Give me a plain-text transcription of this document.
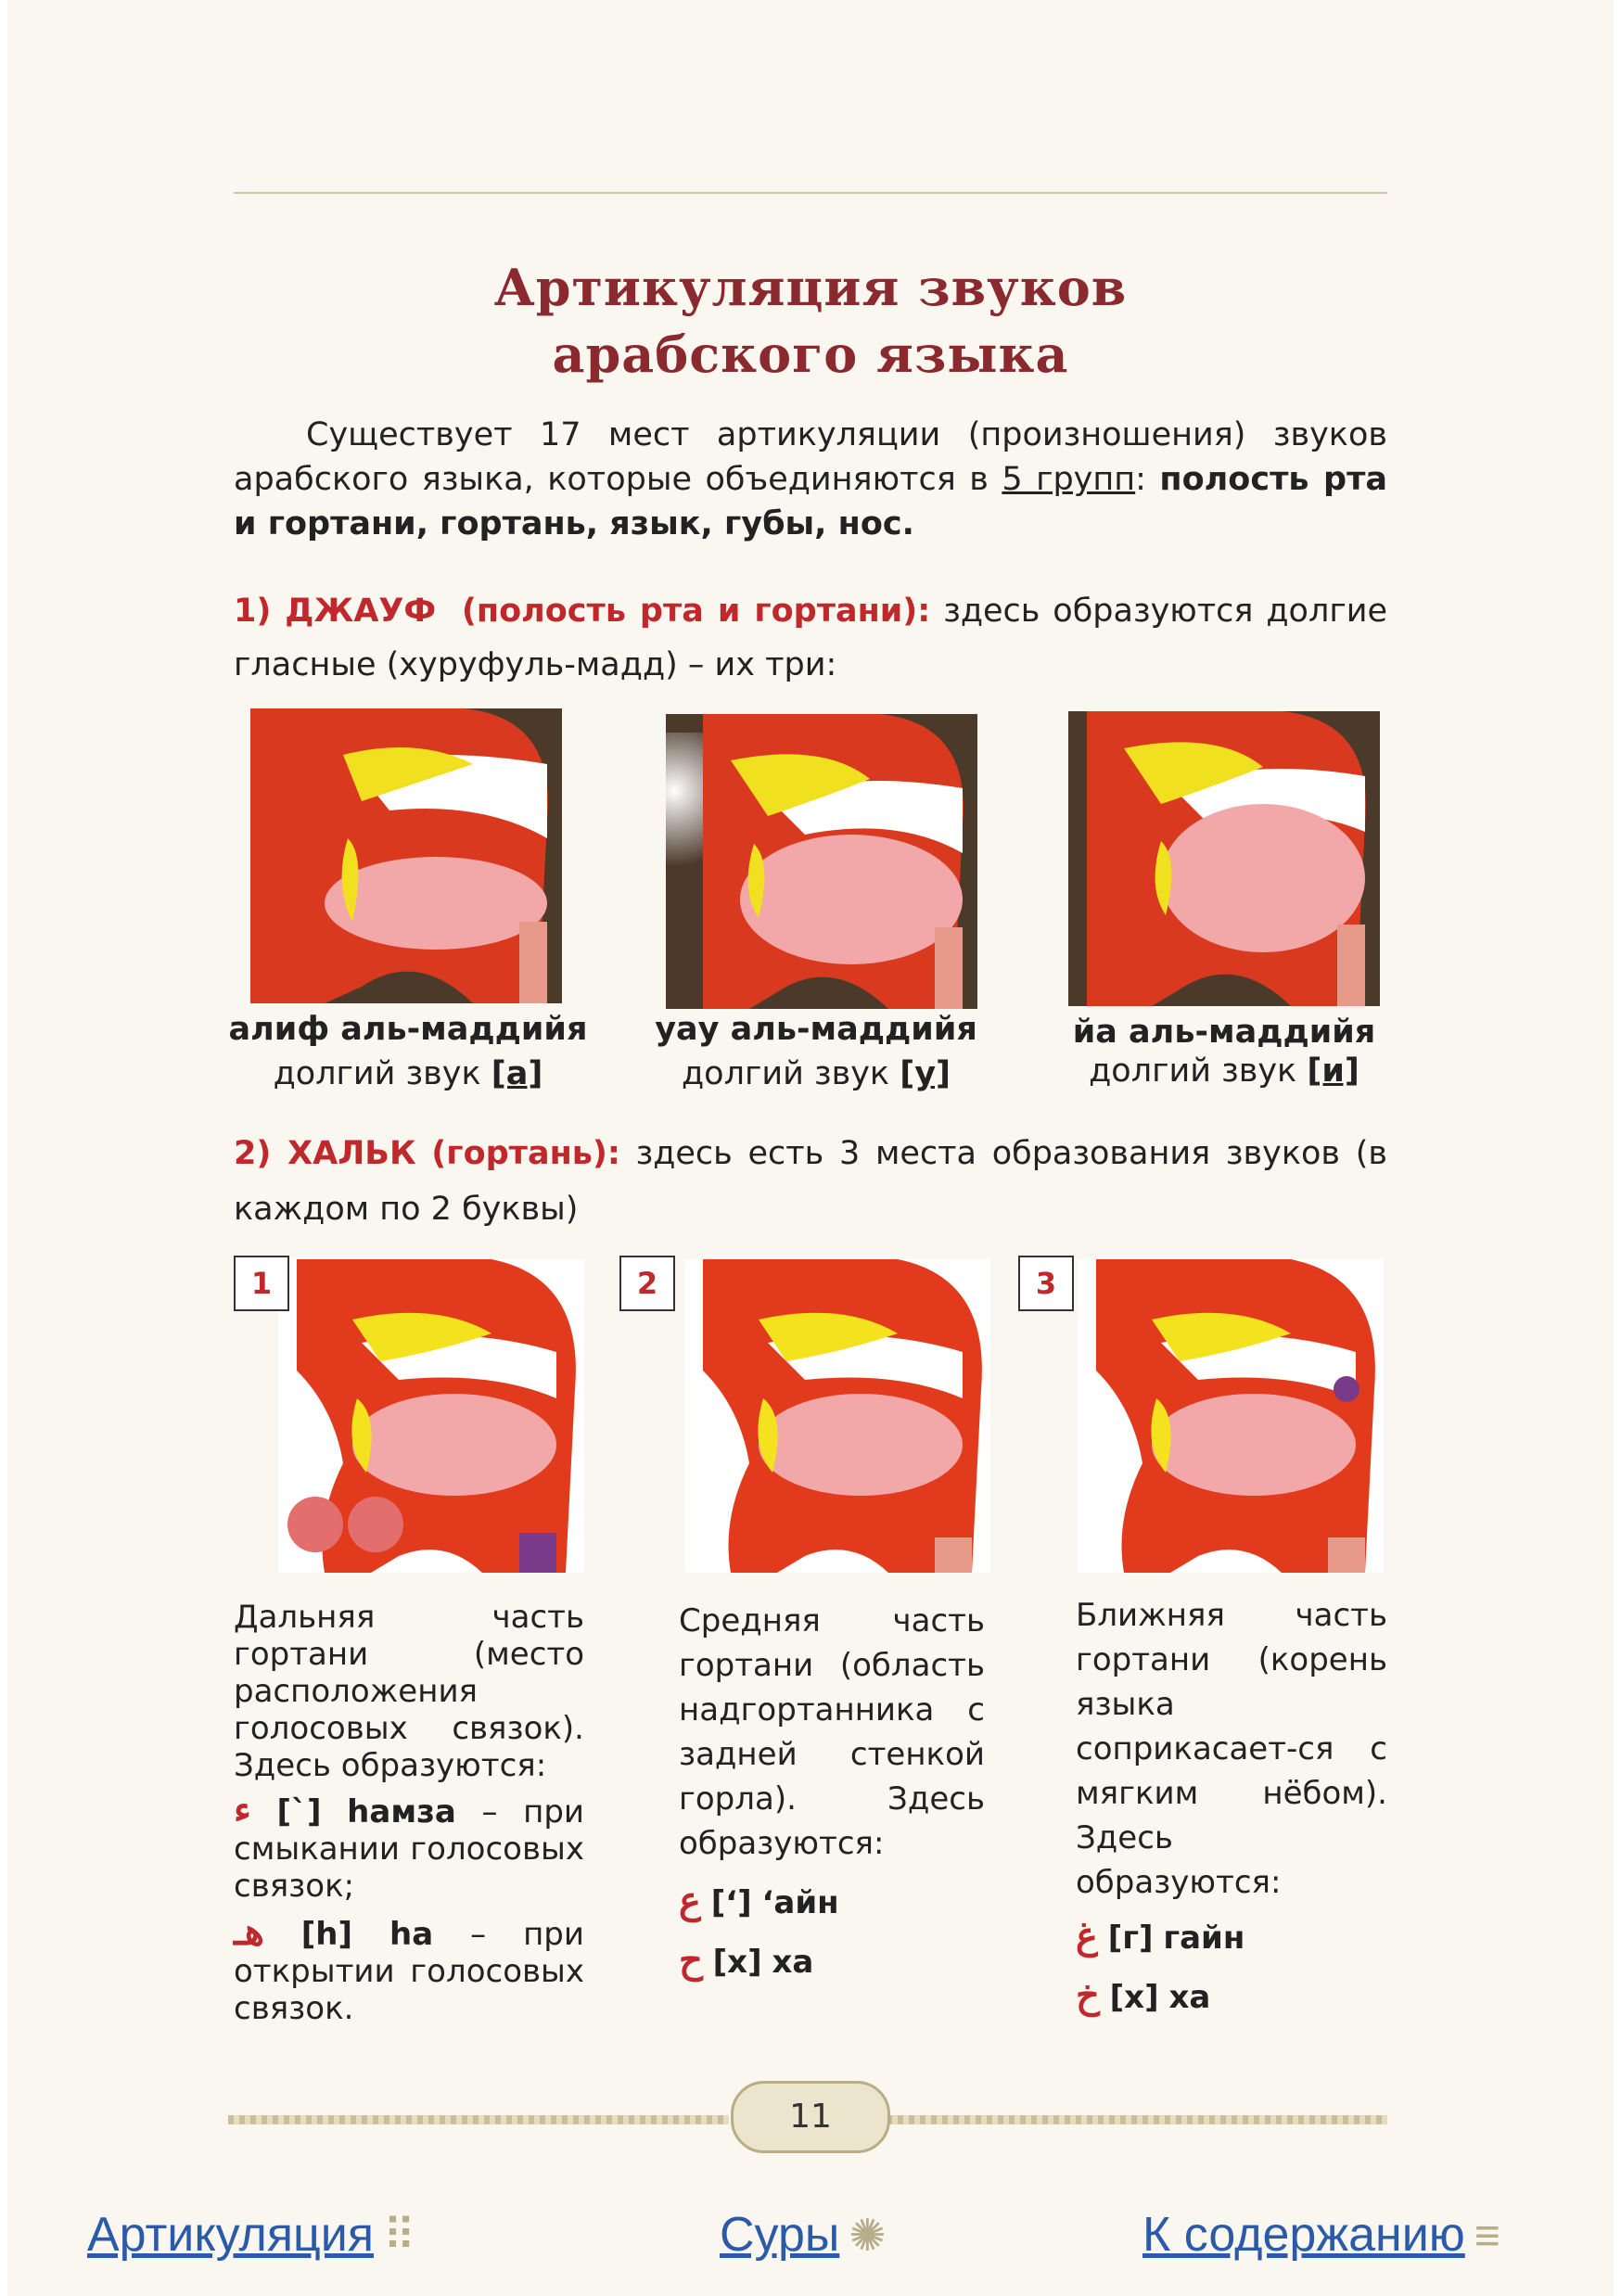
Артикуляция звуков
арабского языка
Существует 17 мест артикуляции (произношения) звуков арабского языка, которые объединяются в 5 групп: полость рта и гортани, гортань, язык, губы, нос.
1) ДЖАУФ (полость рта и гортани): здесь образуются долгие гласные (хуруфуль-мадд) – их три:
алиф аль-маддийя
долгий звук [а]
уау аль-маддийя
долгий звук [у]
йа аль-маддийя
долгий звук [и]
2) ХАЛЬК (гортань): здесь есть 3 места образования звуков (в каждом по 2 буквы)
1	2	3
Дальняя часть гортани (место расположения голосовых связок). Здесь образуются:
ء [`] hамза – при смыкании голосовых связок;
هـ [h] hа – при открытии голосовых связок.
Средняя часть гортани (область надгортанника с задней стенкой горла). Здесь образуются:
ع [‘] ‘айн
ح [х] ха
Ближняя часть гортани (корень языка соприкасает-ся с мягким нёбом). Здесь образуются:
غ [г] гайн
خ [х] ха
11
Артикуляция ⠿	Суры ✺	К содержанию ≡
